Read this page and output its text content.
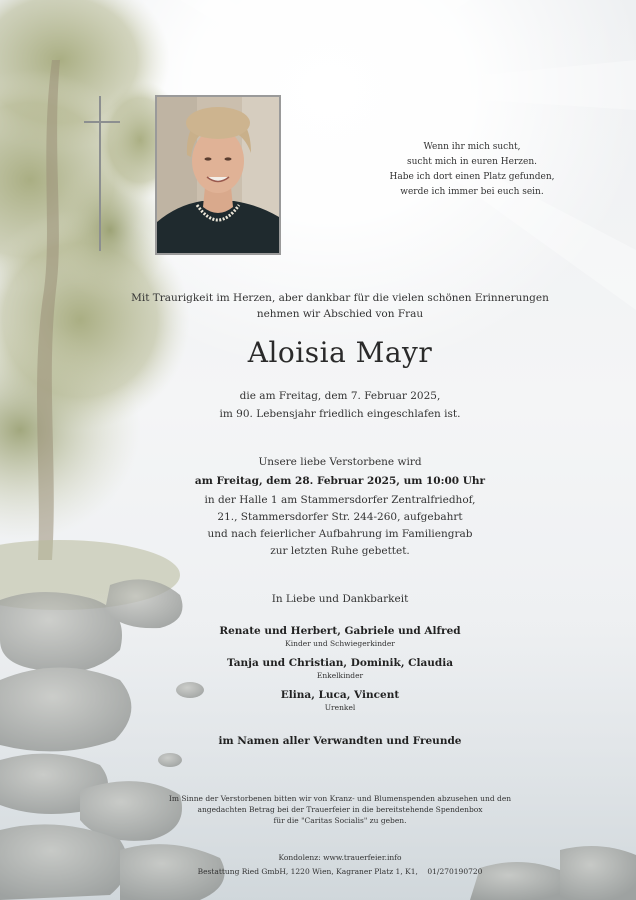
Wenn ihr mich sucht,
sucht mich in euren Herzen.
Habe ich dort einen Platz gefunden,
werde ich immer bei euch sein.
Mit Traurigkeit im Herzen, aber dankbar für die vielen schönen Erinnerungen
nehmen wir Abschied von Frau
Aloisia Mayr
die am Freitag, dem 7. Februar 2025,
im 90. Lebensjahr friedlich eingeschlafen ist.
Unsere liebe Verstorbene wird
am Freitag, dem 28. Februar 2025, um 10:00 Uhr
in der Halle 1 am Stammersdorfer Zentralfriedhof,
21., Stammersdorfer Str. 244-260, aufgebahrt
und nach feierlicher Aufbahrung im Familiengrab
zur letzten Ruhe gebettet.
In Liebe und Dankbarkeit
Renate und Herbert, Gabriele und Alfred
Kinder und Schwiegerkinder
Tanja und Christian, Dominik, Claudia
Enkelkinder
Elina, Luca, Vincent
Urenkel
im Namen aller Verwandten und Freunde
Im Sinne der Verstorbenen bitten wir von Kranz- und Blumenspenden abzusehen und den
angedachten Betrag bei der Trauerfeier in die bereitstehende Spendenbox
für die "Caritas Socialis" zu geben.
Kondolenz: www.trauerfeier.info
Bestattung Ried GmbH, 1220 Wien, Kagraner Platz 1, K1,    01/270190720
